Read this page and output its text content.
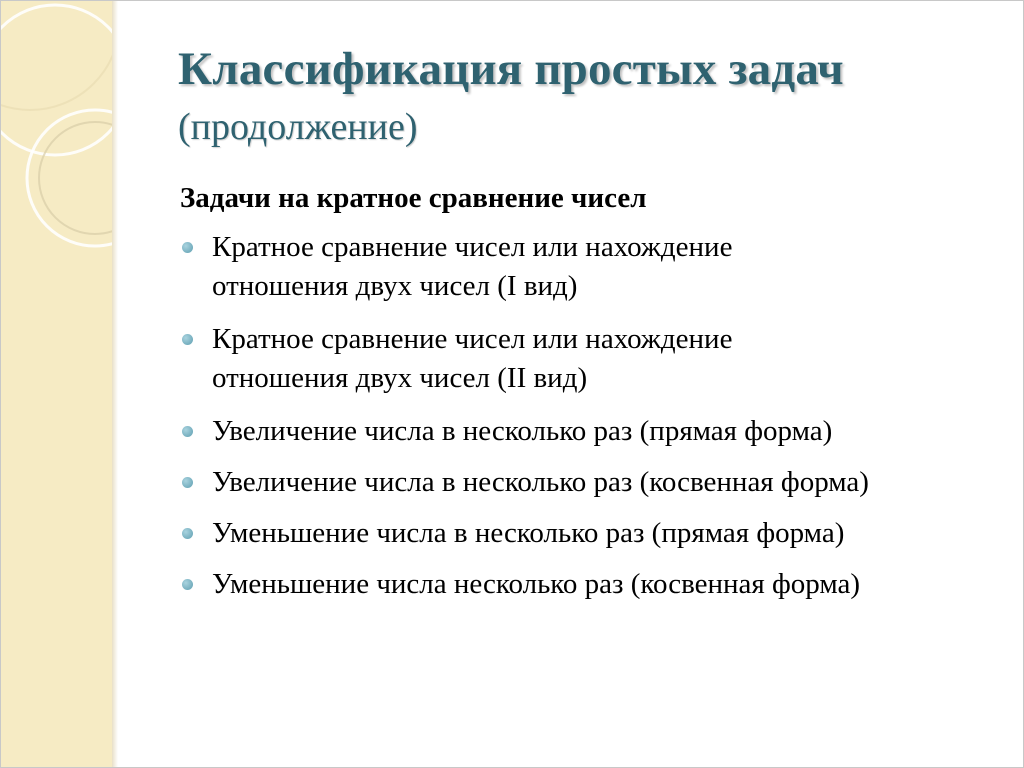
Классификация простых задач
(продолжение)
Задачи на кратное сравнение чисел
Кратное сравнение чисел или нахождение
отношения двух чисел (I вид)
Кратное сравнение чисел или нахождение
отношения двух чисел (II вид)
Увеличение числа в несколько раз (прямая форма)
Увеличение числа в несколько раз (косвенная форма)
Уменьшение числа в несколько раз (прямая форма)
Уменьшение числа несколько раз (косвенная форма)
